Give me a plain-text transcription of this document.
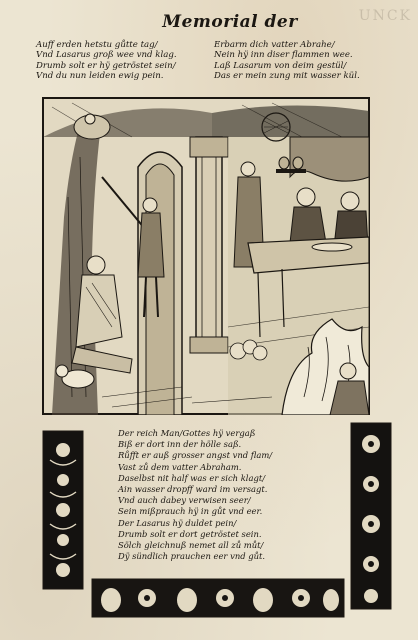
UNCK
Memorial der
Auff erden hetstu gůtte tag/
Vnd Lasarus groß wee vnd klag.
Drumb solt er hÿ getröstet sein/
Vnd du nun leiden ewig pein.
Erbarm dich vatter Abrahe/
Nein hÿ inn diser flammen wee.
Laß Lasarum von deim gestül/
Das er mein zung mit wasser kül.
Der reich Man/Gottes hÿ vergaß
Biß er dort inn der hölle saß.
Růfft er auß grosser angst vnd flam/
Vast zů dem vatter Abraham.
Daselbst nit half was er sich klagt/
Ain wasser dropff ward im versagt.
Vnd auch dabey verwisen seer/
Sein mißprauch hÿ in gůt vnd eer.
Der Lasarus hÿ duldet pein/
Drumb solt er dort getröstet sein.
Sölch gleichnuß nemet all zů můt/
Dÿ sündlich prauchen eer vnd gůt.
